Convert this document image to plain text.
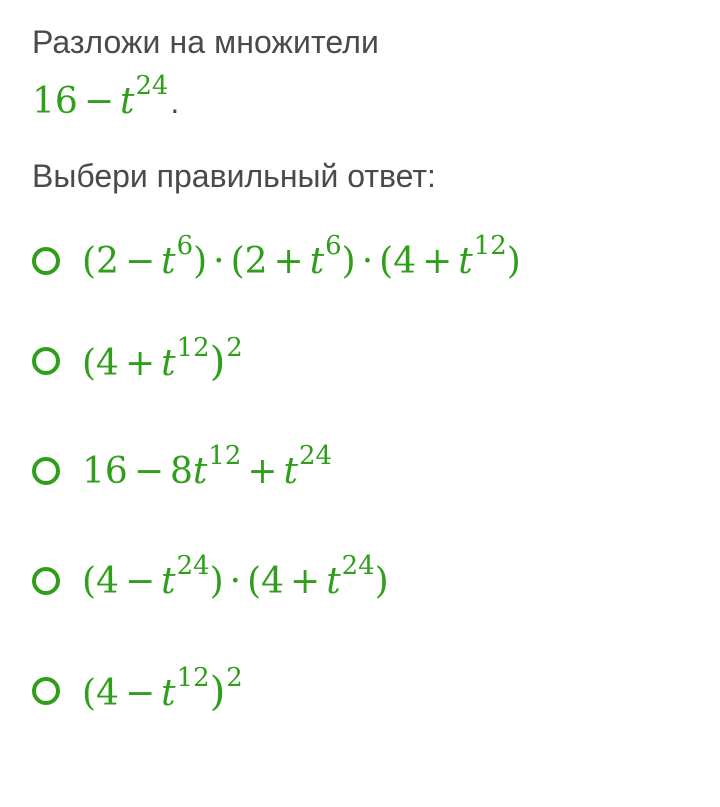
Разложи на множители
$16 - t^{24}$.
Выбери правильный ответ:
$(2 - t^6) \cdot (2 + t^6) \cdot (4 + t^{12})$
$(4 + t^{12})^2$
$16 - 8t^{12} + t^{24}$
$(4 - t^{24}) \cdot (4 + t^{24})$
$(4 - t^{12})^2$
